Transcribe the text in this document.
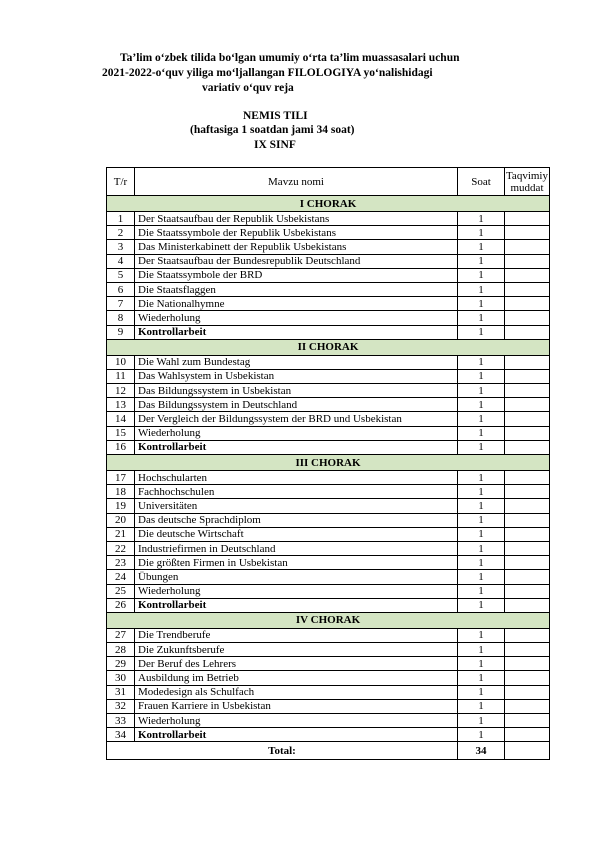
Ta’lim o‘zbek tilida bo‘lgan umumiy o‘rta ta’lim muassasalari uchun
2021-2022-o‘quv yiliga mo‘ljallangan FILOLOGIYA yo‘nalishidagi
variativ o‘quv reja
NEMIS TILI
(haftasiga 1 soatdan jami 34 soat)
IX SINF
T/r	Mavzu nomi	Soat	Taqvimiy muddat
I CHORAK			
1	Der Staatsaufbau der Republik Usbekistans	1	
2	Die Staatssymbole der Republik Usbekistans	1	
3	Das Ministerkabinett der Republik Usbekistans	1	
4	Der Staatsaufbau der Bundesrepublik Deutschland	1	
5	Die Staatssymbole der BRD	1	
6	Die Staatsflaggen	1	
7	Die Nationalhymne	1	
8	Wiederholung	1	
9	Kontrollarbeit	1	
II CHORAK			
10	Die Wahl zum Bundestag	1	
11	Das Wahlsystem in Usbekistan	1	
12	Das Bildungssystem in Usbekistan	1	
13	Das Bildungssystem in Deutschland	1	
14	Der Vergleich der Bildungssystem der BRD und Usbekistan	1	
15	Wiederholung	1	
16	Kontrollarbeit	1	
III CHORAK			
17	Hochschularten	1	
18	Fachhochschulen	1	
19	Universitäten	1	
20	Das deutsche Sprachdiplom	1	
21	Die deutsche Wirtschaft	1	
22	Industriefirmen in Deutschland	1	
23	Die größten Firmen in Usbekistan	1	
24	Übungen	1	
25	Wiederholung	1	
26	Kontrollarbeit	1	
IV CHORAK			
27	Die Trendberufe	1	
28	Die Zukunftsberufe	1	
29	Der Beruf des Lehrers	1	
30	Ausbildung im Betrieb	1	
31	Modedesign als Schulfach	1	
32	Frauen Karriere in Usbekistan	1	
33	Wiederholung	1	
34	Kontrollarbeit	1	
Total:		34	
